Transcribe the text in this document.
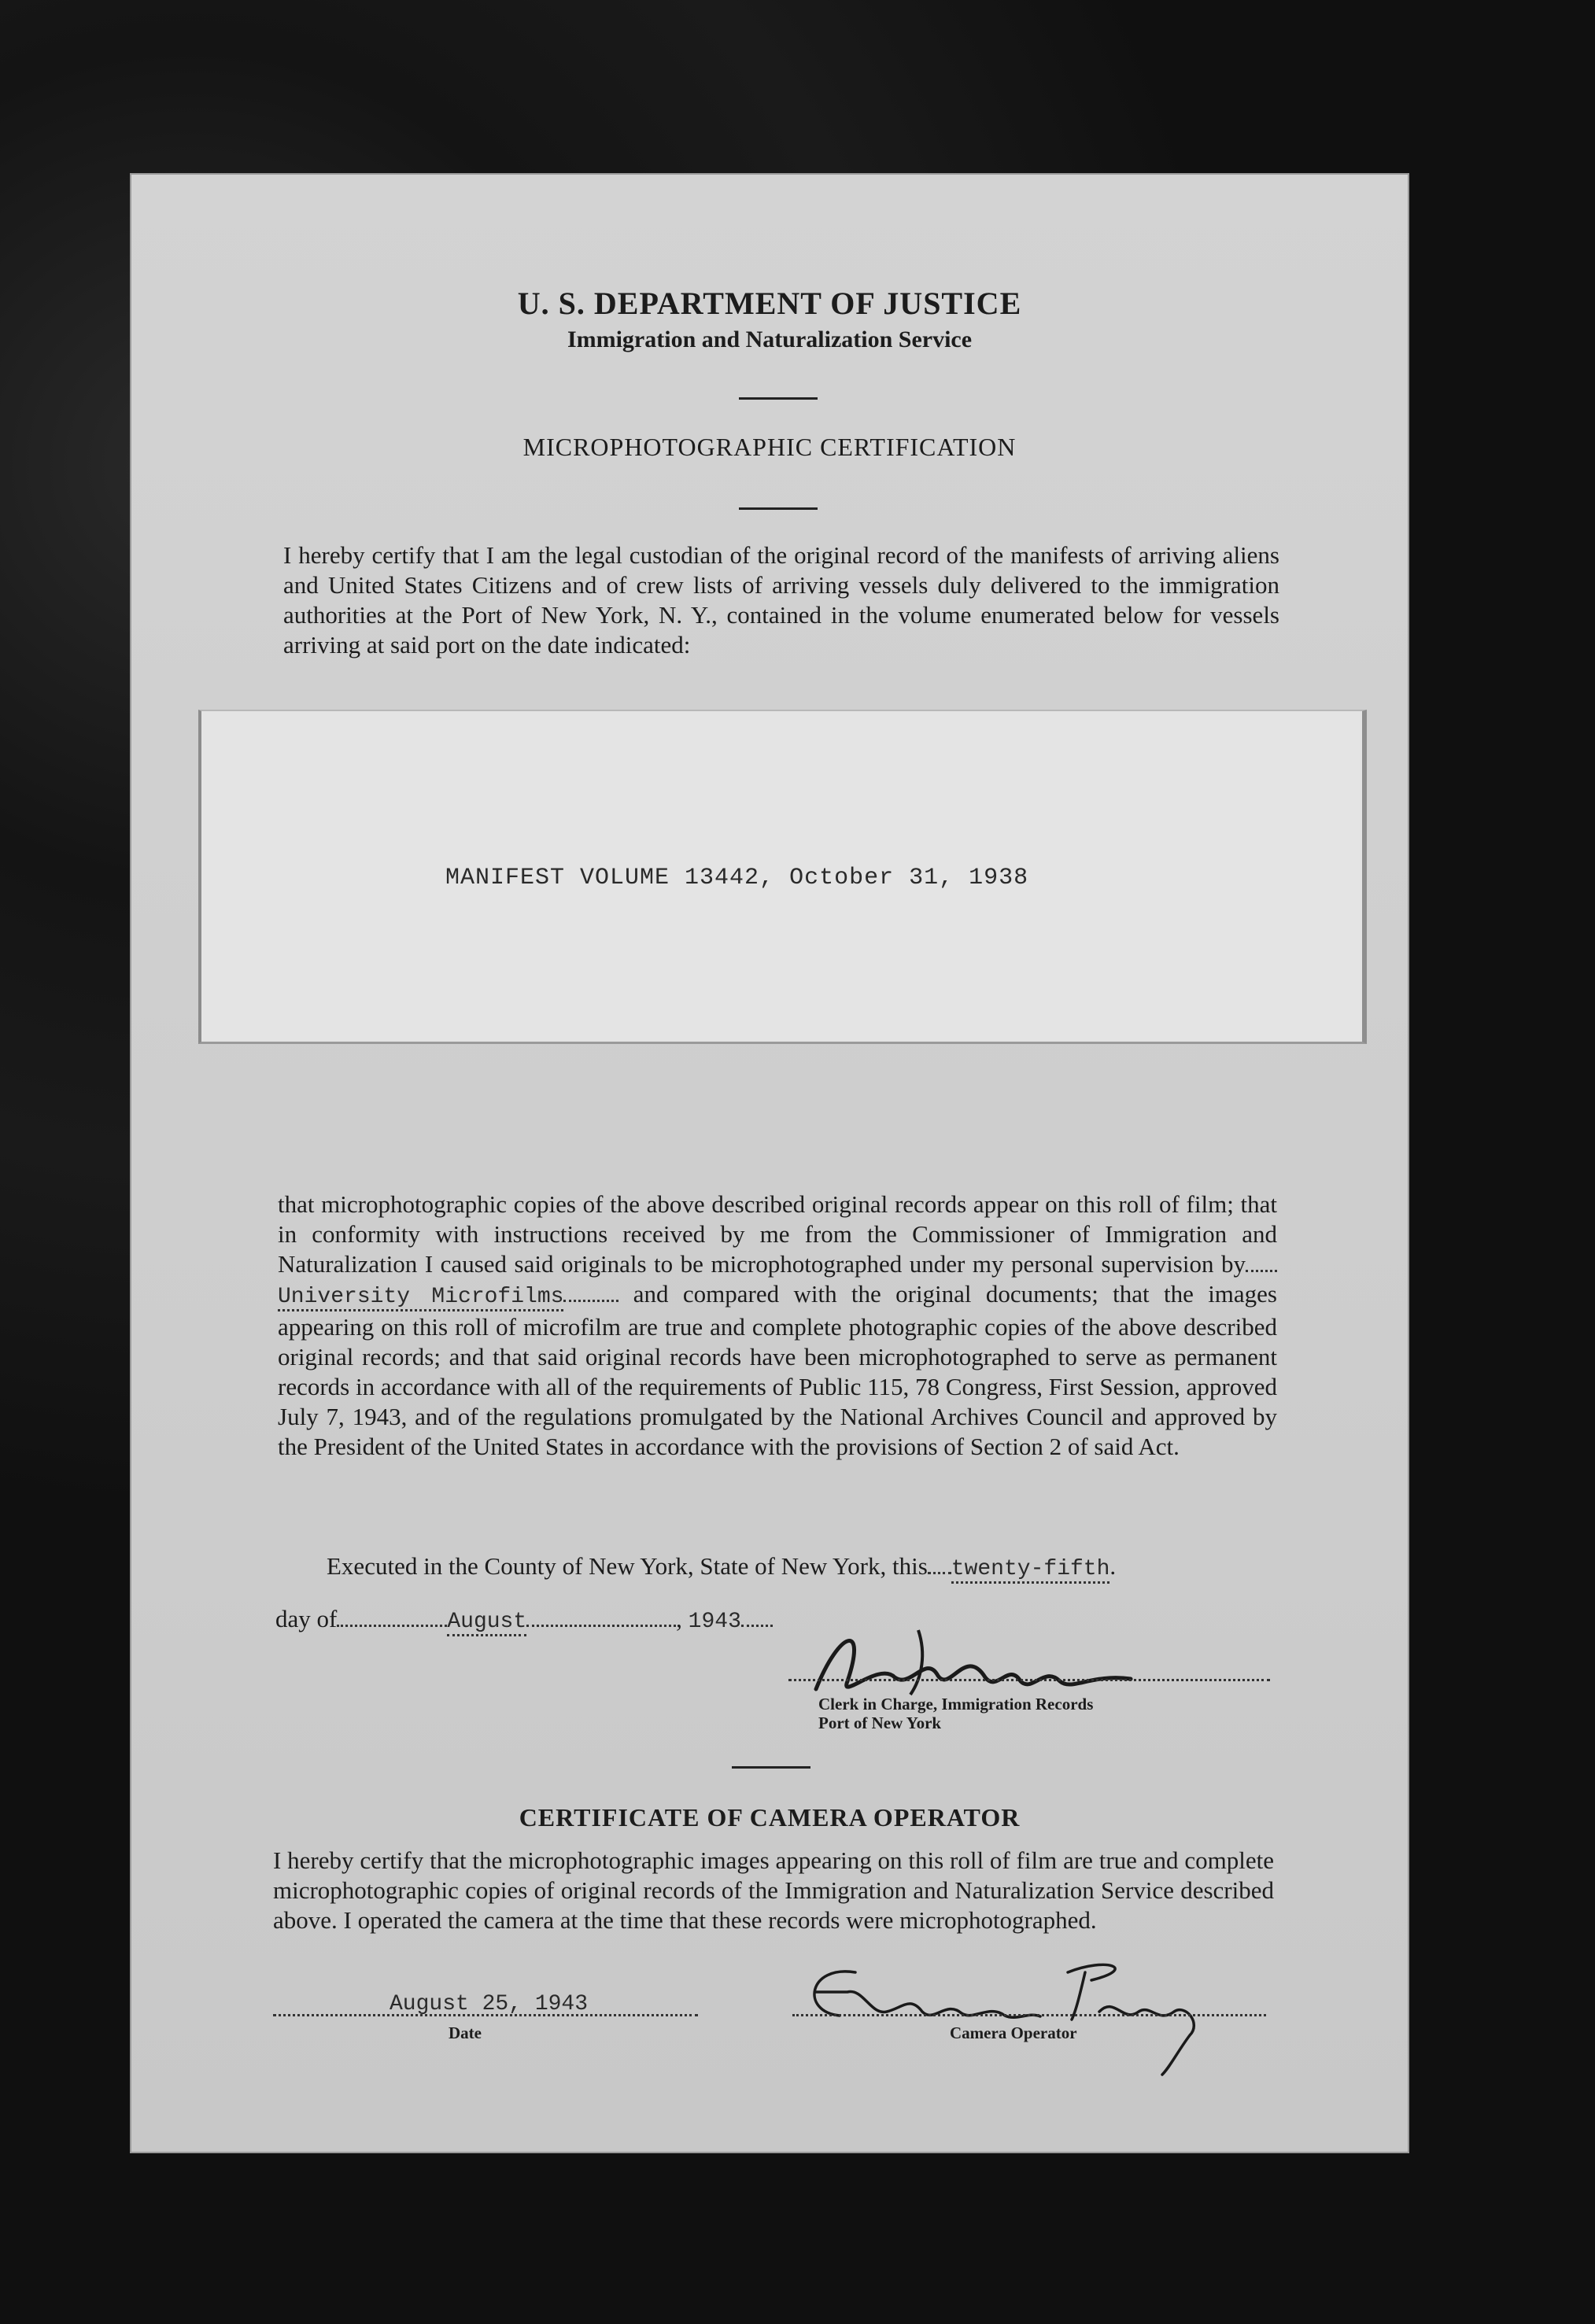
U. S. DEPARTMENT OF JUSTICE
Immigration and Naturalization Service
MICROPHOTOGRAPHIC CERTIFICATION
I hereby certify that I am the legal custodian of the original record of the manifests of arriving aliens and United States Citizens and of crew lists of arriving vessels duly delivered to the immigration authorities at the Port of New York, N. Y., contained in the volume enumerated below for vessels arriving at said port on the date indicated:
MANIFEST VOLUME 13442, October 31, 1938
that microphotographic copies of the above described original records appear on this roll of film; that in conformity with instructions received by me from the Commissioner of Immigration and Naturalization I caused said originals to be microphotographed under my personal supervision by University Microfilms	and compared with the original documents; that the images appearing on this roll of microfilm are true and complete photographic copies of the above described original records; and that said original records have been microphotographed to serve as permanent records in accordance with all of the requirements of Public 115, 78 Congress, First Session, approved July 7, 1943, and of the regulations promulgated by the National Archives Council and approved by the President of the United States in accordance with the provisions of Section 2 of said Act.
Executed in the County of New York, State of New York, this twenty-fifth.
day of	August	, 1943
Clerk in Charge, Immigration Records
Port of New York
CERTIFICATE OF CAMERA OPERATOR
I hereby certify that the microphotographic images appearing on this roll of film are true and complete microphotographic copies of original records of the Immigration and Naturalization Service described above. I operated the camera at the time that these records were microphotographed.
August 25, 1943
Date	Camera Operator
